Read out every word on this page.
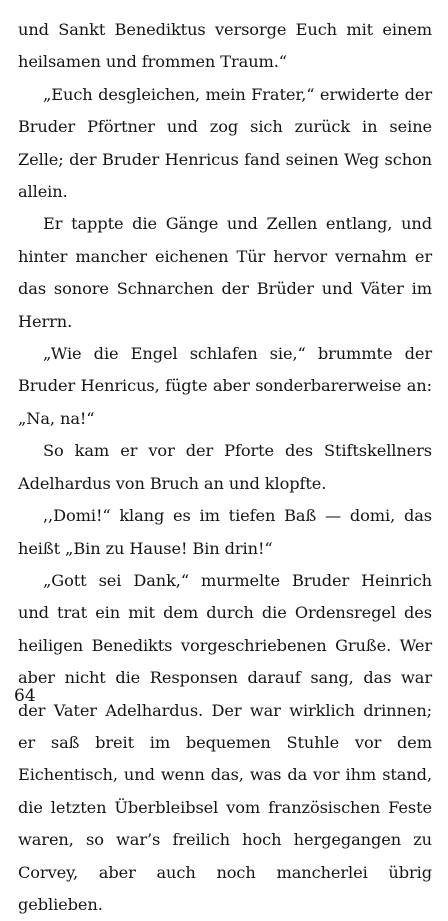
und Sankt Benediktus versorge Euch mit einem heilsamen und frommen Traum.“

„Euch desgleichen, mein Frater,“ erwiderte der Bruder Pförtner und zog sich zurück in seine Zelle; der Bruder Henricus fand seinen Weg schon allein.

Er tappte die Gänge und Zellen entlang, und hinter mancher eichenen Tür hervor vernahm er das sonore Schnarchen der Brüder und Väter im Herrn.

„Wie die Engel schlafen sie,“ brummte der Bruder Henricus, fügte aber sonderbarerweise an: „Na, na!“

So kam er vor der Pforte des Stiftskellners Adelhardus von Bruch an und klopfte.

,,Domi!“ klang es im tiefen Baß — domi, das heißt „Bin zu Hause! Bin drin!“

„Gott sei Dank,“ murmelte Bruder Heinrich und trat ein mit dem durch die Ordensregel des heiligen Benedikts vorgeschriebenen Gruße. Wer aber nicht die Responsen darauf sang, das war der Vater Adelhardus. Der war wirklich drinnen; er saß breit im bequemen Stuhle vor dem Eichentisch, und wenn das, was da vor ihm stand, die letzten Überbleibsel vom französischen Feste waren, so war’s freilich hoch hergegangen zu Corvey, aber auch noch mancherlei übrig geblieben.

64
